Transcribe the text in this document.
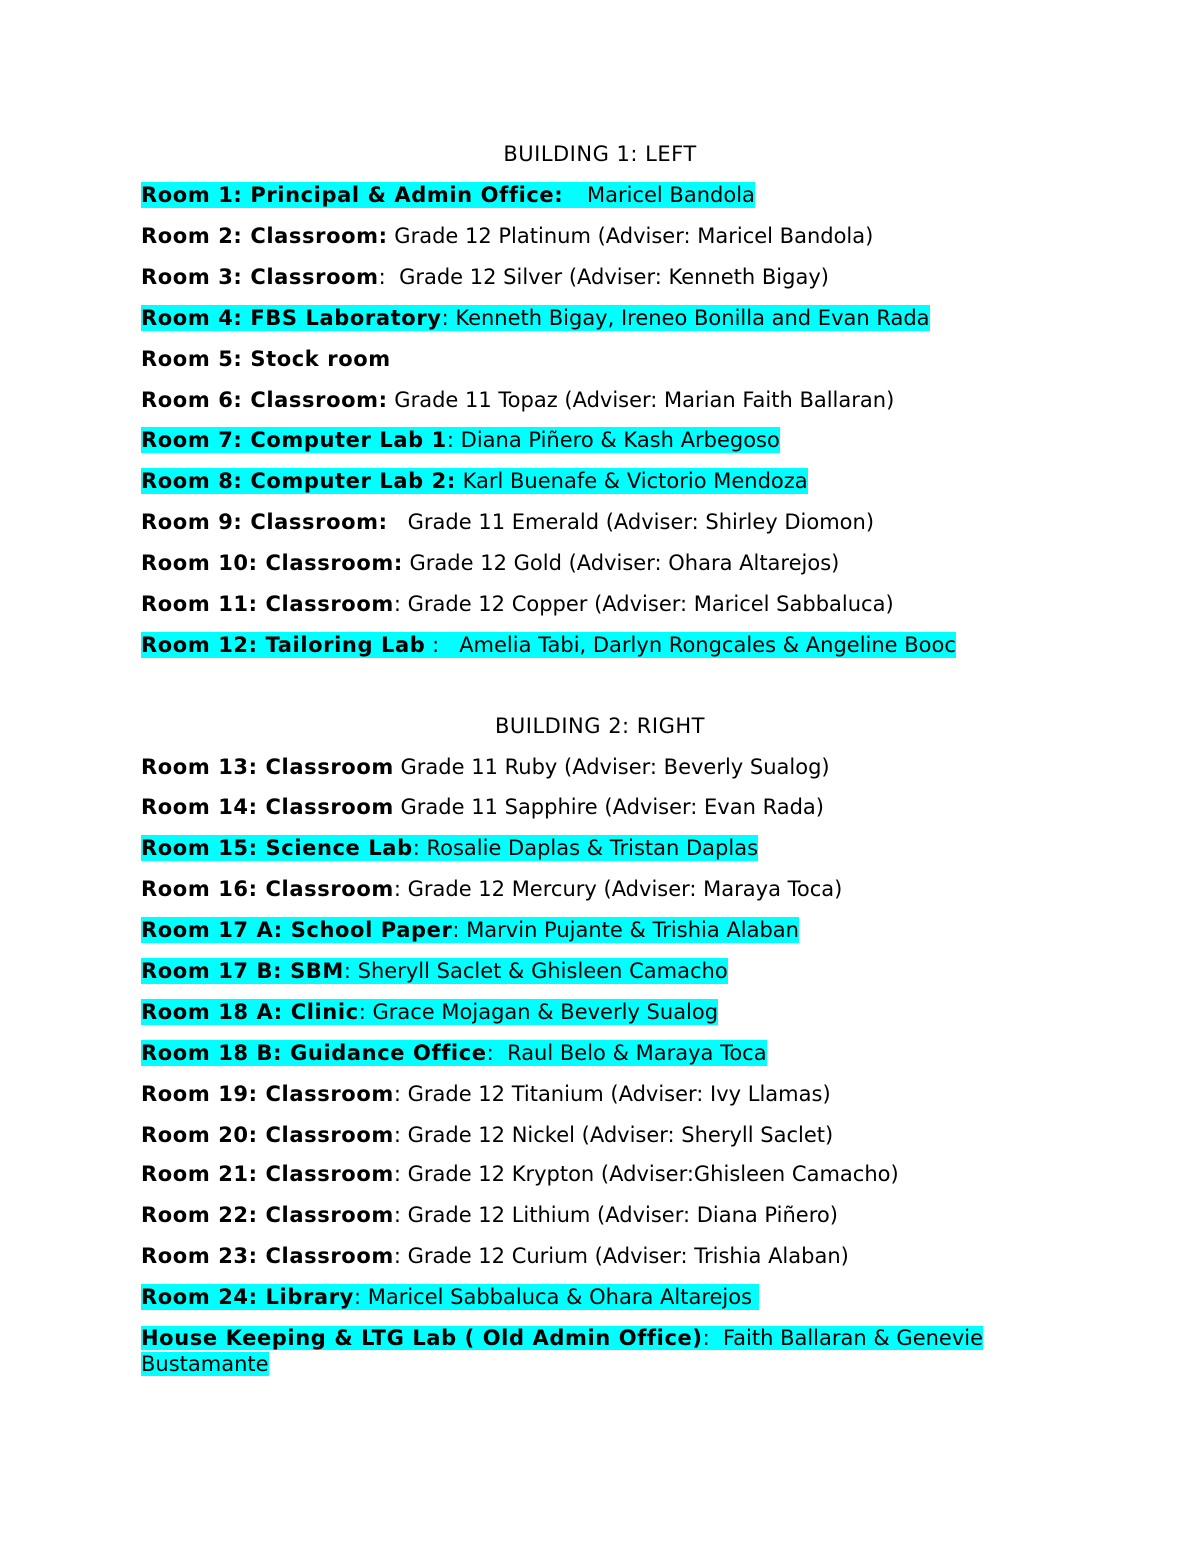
BUILDING 1: LEFT
Room 1: Principal & Admin Office:   Maricel Bandola
Room 2: Classroom: Grade 12 Platinum (Adviser: Maricel Bandola)
Room 3: Classroom:  Grade 12 Silver (Adviser: Kenneth Bigay)
Room 4: FBS Laboratory: Kenneth Bigay, Ireneo Bonilla and Evan Rada
Room 5: Stock room
Room 6: Classroom: Grade 11 Topaz (Adviser: Marian Faith Ballaran)
Room 7: Computer Lab 1: Diana Piñero & Kash Arbegoso
Room 8: Computer Lab 2: Karl Buenafe & Victorio Mendoza
Room 9: Classroom: Grade 11 Emerald (Adviser: Shirley Diomon)
Room 10: Classroom: Grade 12 Gold (Adviser: Ohara Altarejos)
Room 11: Classroom: Grade 12 Copper (Adviser: Maricel Sabbaluca)
Room 12: Tailoring Lab :   Amelia Tabi, Darlyn Rongcales & Angeline Booc
BUILDING 2: RIGHT
Room 13: Classroom Grade 11 Ruby (Adviser: Beverly Sualog)
Room 14: Classroom Grade 11 Sapphire (Adviser: Evan Rada)
Room 15: Science Lab: Rosalie Daplas & Tristan Daplas
Room 16: Classroom: Grade 12 Mercury (Adviser: Maraya Toca)
Room 17 A: School Paper: Marvin Pujante & Trishia Alaban
Room 17 B: SBM: Sheryll Saclet & Ghisleen Camacho
Room 18 A: Clinic: Grace Mojagan & Beverly Sualog
Room 18 B: Guidance Office:  Raul Belo & Maraya Toca
Room 19: Classroom: Grade 12 Titanium (Adviser: Ivy Llamas)
Room 20: Classroom: Grade 12 Nickel (Adviser: Sheryll Saclet)
Room 21: Classroom: Grade 12 Krypton (Adviser:Ghisleen Camacho)
Room 22: Classroom: Grade 12 Lithium (Adviser: Diana Piñero)
Room 23: Classroom: Grade 12 Curium (Adviser: Trishia Alaban)
Room 24: Library: Maricel Sabbaluca & Ohara Altarejos
House Keeping & LTG Lab ( Old Admin Office):  Faith Ballaran & Genevie Bustamante
